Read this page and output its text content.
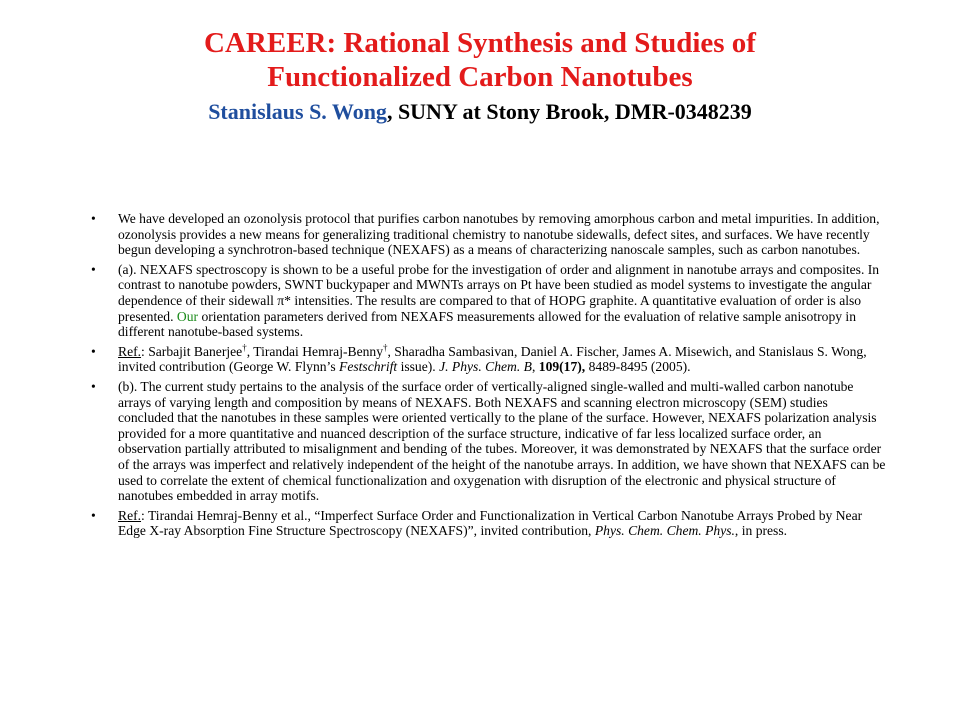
CAREER: Rational Synthesis and Studies of
Functionalized Carbon Nanotubes
Stanislaus S. Wong, SUNY at Stony Brook, DMR-0348239
• We have developed an ozonolysis protocol that purifies carbon nanotubes by removing amorphous carbon and metal impurities. In addition, ozonolysis provides a new means for generalizing traditional chemistry to nanotube sidewalls, defect sites, and surfaces. We have recently begun developing a synchrotron-based technique (NEXAFS) as a means of characterizing nanoscale samples, such as carbon nanotubes.
• (a). NEXAFS spectroscopy is shown to be a useful probe for the investigation of order and alignment in nanotube arrays and composites. In contrast to nanotube powders, SWNT buckypaper and MWNTs arrays on Pt have been studied as model systems to investigate the angular dependence of their sidewall π* intensities. The results are compared to that of HOPG graphite. A quantitative evaluation of order is also presented. Our orientation parameters derived from NEXAFS measurements allowed for the evaluation of relative sample anisotropy in different nanotube-based systems.
• Ref.: Sarbajit Banerjee†, Tirandai Hemraj-Benny†, Sharadha Sambasivan, Daniel A. Fischer, James A. Misewich, and Stanislaus S. Wong, invited contribution (George W. Flynn’s Festschrift issue). J. Phys. Chem. B, 109(17), 8489-8495 (2005).
• (b). The current study pertains to the analysis of the surface order of vertically-aligned single-walled and multi-walled carbon nanotube arrays of varying length and composition by means of NEXAFS. Both NEXAFS and scanning electron microscopy (SEM) studies concluded that the nanotubes in these samples were oriented vertically to the plane of the surface. However, NEXAFS polarization analysis provided for a more quantitative and nuanced description of the surface structure, indicative of far less localized surface order, an observation partially attributed to misalignment and bending of the tubes. Moreover, it was demonstrated by NEXAFS that the surface order of the arrays was imperfect and relatively independent of the height of the nanotube arrays. In addition, we have shown that NEXAFS can be used to correlate the extent of chemical functionalization and oxygenation with disruption of the electronic and physical structure of nanotubes embedded in array motifs.
• Ref.: Tirandai Hemraj-Benny et al., “Imperfect Surface Order and Functionalization in Vertical Carbon Nanotube Arrays Probed by Near Edge X-ray Absorption Fine Structure Spectroscopy (NEXAFS)”, invited contribution, Phys. Chem. Chem. Phys., in press.
